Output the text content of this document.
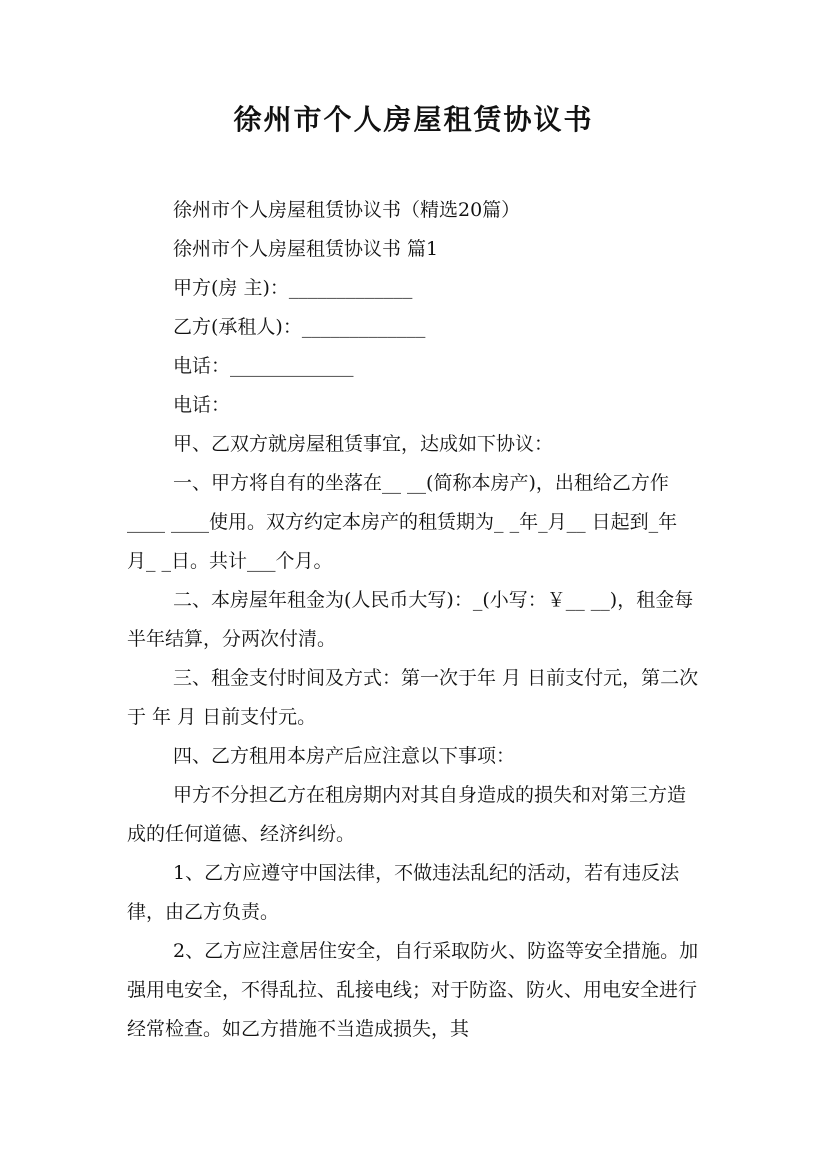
徐州市个人房屋租赁协议书

徐州市个人房屋租赁协议书（精选20篇）

徐州市个人房屋租赁协议书 篇1

甲方(房 主)：_____________

乙方(承租人)：_____________

电话：_____________

电话：

甲、乙双方就房屋租赁事宜，达成如下协议：

一、甲方将自有的坐落在__ __(简称本房产)，出租给乙方作____ ____使用。双方约定本房产的租赁期为_ _年_月__ 日起到_年 月_ _日。共计___个月。

二、本房屋年租金为(人民币大写)：_(小写：￥__ __)，租金每半年结算，分两次付清。

三、租金支付时间及方式：第一次于年 月 日前支付元，第二次于 年 月 日前支付元。

四、乙方租用本房产后应注意以下事项：

甲方不分担乙方在租房期内对其自身造成的损失和对第三方造成的任何道德、经济纠纷。

1、乙方应遵守中国法律，不做违法乱纪的活动，若有违反法律，由乙方负责。

2、乙方应注意居住安全，自行采取防火、防盗等安全措施。加强用电安全，不得乱拉、乱接电线；对于防盗、防火、用电安全进行经常检查。如乙方措施不当造成损失，其
